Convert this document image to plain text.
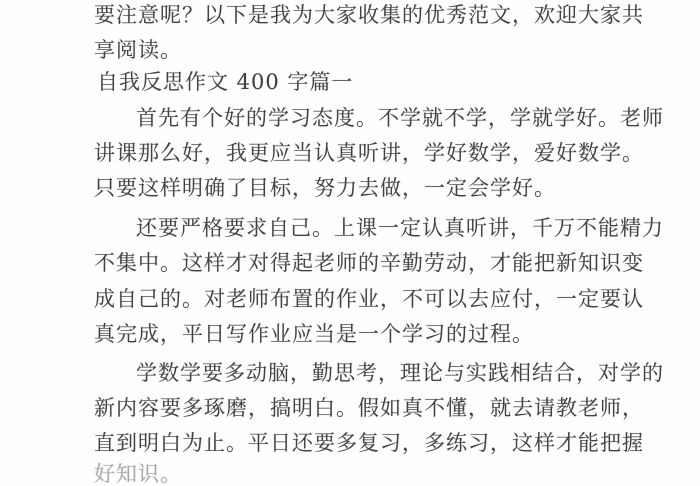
要注意呢？以下是我为大家收集的优秀范文，欢迎大家共
享阅读。
自我反思作文 400 字篇一
首先有个好的学习态度。不学就不学，学就学好。老师
讲课那么好，我更应当认真听讲，学好数学，爱好数学。
只要这样明确了目标，努力去做，一定会学好。
还要严格要求自己。上课一定认真听讲，千万不能精力
不集中。这样才对得起老师的辛勤劳动，才能把新知识变
成自己的。对老师布置的作业，不可以去应付，一定要认
真完成，平日写作业应当是一个学习的过程。
学数学要多动脑，勤思考，理论与实践相结合，对学的
新内容要多琢磨，搞明白。假如真不懂，就去请教老师，
直到明白为止。平日还要多复习，多练习，这样才能把握
好知识。
